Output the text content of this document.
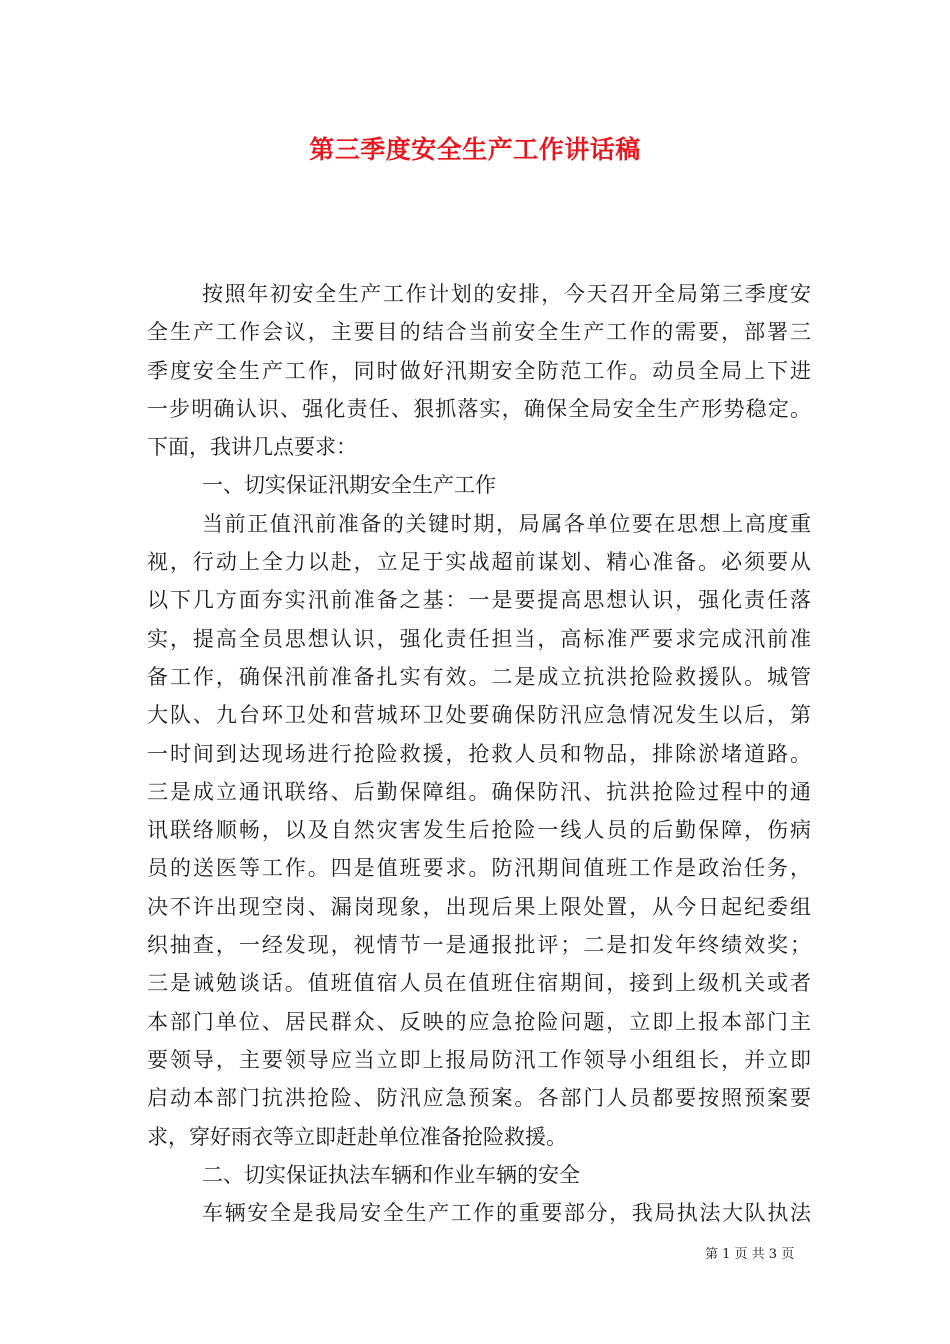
第三季度安全生产工作讲话稿
按照年初安全生产工作计划的安排，今天召开全局第三季度安
全生产工作会议，主要目的结合当前安全生产工作的需要，部署三
季度安全生产工作，同时做好汛期安全防范工作。动员全局上下进
一步明确认识、强化责任、狠抓落实，确保全局安全生产形势稳定。
下面，我讲几点要求：
一、切实保证汛期安全生产工作
当前正值汛前准备的关键时期，局属各单位要在思想上高度重
视，行动上全力以赴，立足于实战超前谋划、精心准备。必须要从
以下几方面夯实汛前准备之基：一是要提高思想认识，强化责任落
实，提高全员思想认识，强化责任担当，高标准严要求完成汛前准
备工作，确保汛前准备扎实有效。二是成立抗洪抢险救援队。城管
大队、九台环卫处和营城环卫处要确保防汛应急情况发生以后，第
一时间到达现场进行抢险救援，抢救人员和物品，排除淤堵道路。
三是成立通讯联络、后勤保障组。确保防汛、抗洪抢险过程中的通
讯联络顺畅，以及自然灾害发生后抢险一线人员的后勤保障，伤病
员的送医等工作。四是值班要求。防汛期间值班工作是政治任务，
决不许出现空岗、漏岗现象，出现后果上限处置，从今日起纪委组
织抽查，一经发现，视情节一是通报批评；二是扣发年终绩效奖；
三是诫勉谈话。值班值宿人员在值班住宿期间，接到上级机关或者
本部门单位、居民群众、反映的应急抢险问题，立即上报本部门主
要领导，主要领导应当立即上报局防汛工作领导小组组长，并立即
启动本部门抗洪抢险、防汛应急预案。各部门人员都要按照预案要
求，穿好雨衣等立即赶赴单位准备抢险救援。
二、切实保证执法车辆和作业车辆的安全
车辆安全是我局安全生产工作的重要部分，我局执法大队执法
第 1 页 共 3 页
